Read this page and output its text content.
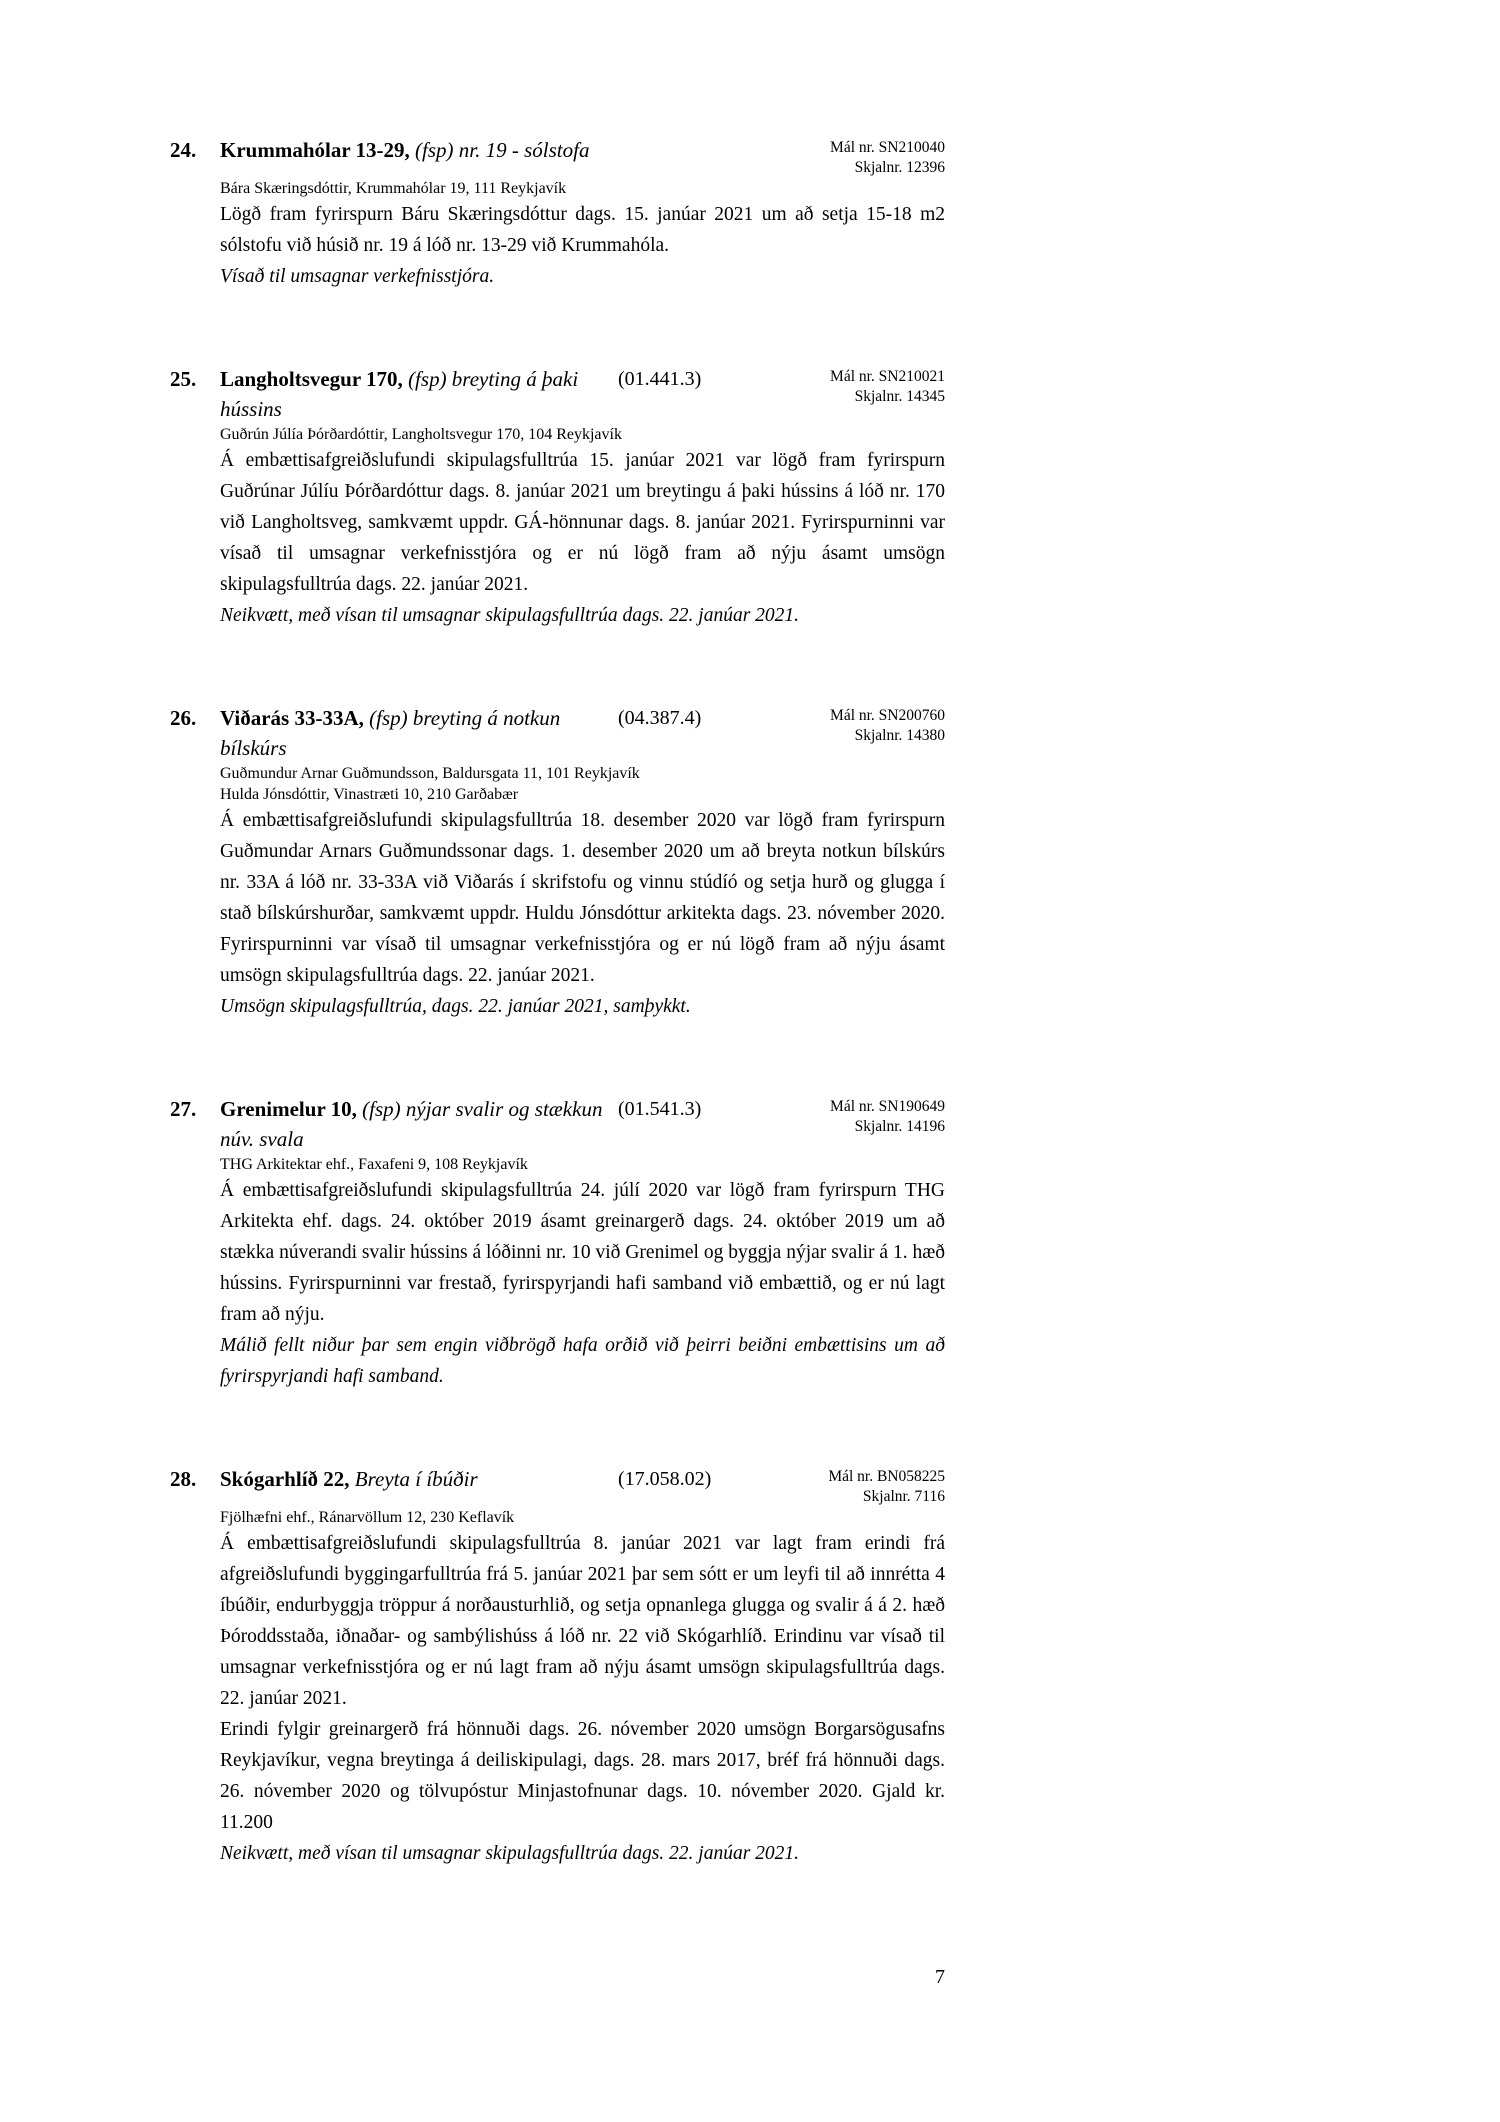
24.	Krummahólar 13-29, (fsp) nr. 19 - sólstofa	Mál nr. SN210040
Skjalnr. 12396
Bára Skæringsdóttir, Krummahólar 19, 111 Reykjavík

Lögð fram fyrirspurn Báru Skæringsdóttur dags. 15. janúar 2021 um að setja 15-18 m2 sólstofu við húsið nr. 19 á lóð nr. 13-29 við Krummahóla.

Vísað til umsagnar verkefnisstjóra.

25.	Langholtsvegur 170, (fsp) breyting á þaki hússins
(01.441.3)	Mál nr. SN210021
Skjalnr. 14345
Guðrún Júlía Þórðardóttir, Langholtsvegur 170, 104 Reykjavík

Á embættisafgreiðslufundi skipulagsfulltrúa 15. janúar 2021 var lögð fram fyrirspurn Guðrúnar Júlíu Þórðardóttur dags. 8. janúar 2021 um breytingu á þaki hússins á lóð nr. 170 við Langholtsveg, samkvæmt uppdr. GÁ-hönnunar dags. 8. janúar 2021. Fyrirspurninni var vísað til umsagnar verkefnisstjóra og er nú lögð fram að nýju ásamt umsögn skipulagsfulltrúa dags. 22. janúar 2021.

Neikvætt, með vísan til umsagnar skipulagsfulltrúa dags. 22. janúar 2021.

26.	Viðarás 33-33A, (fsp) breyting á notkun bílskúrs
(04.387.4)	Mál nr. SN200760
Skjalnr. 14380
Guðmundur Arnar Guðmundsson, Baldursgata 11, 101 Reykjavík
Hulda Jónsdóttir, Vinastræti 10, 210 Garðabær

Á embættisafgreiðslufundi skipulagsfulltrúa 18. desember 2020 var lögð fram fyrirspurn Guðmundar Arnars Guðmundssonar dags. 1. desember 2020 um að breyta notkun bílskúrs nr. 33A á lóð nr. 33-33A við Viðarás í skrifstofu og vinnu stúdíó og setja hurð og glugga í stað bílskúrshurðar, samkvæmt uppdr. Huldu Jónsdóttur arkitekta dags. 23. nóvember 2020. Fyrirspurninni var vísað til umsagnar verkefnisstjóra og er nú lögð fram að nýju ásamt umsögn skipulagsfulltrúa dags. 22. janúar 2021.

Umsögn skipulagsfulltrúa, dags. 22. janúar 2021, samþykkt.

27.	Grenimelur 10, (fsp) nýjar svalir og stækkun núv. svala
(01.541.3)	Mál nr. SN190649
Skjalnr. 14196
THG Arkitektar ehf., Faxafeni 9, 108 Reykjavík

Á embættisafgreiðslufundi skipulagsfulltrúa 24. júlí 2020 var lögð fram fyrirspurn THG Arkitekta ehf. dags. 24. október 2019 ásamt greinargerð dags. 24. október 2019 um að stækka núverandi svalir hússins á lóðinni nr. 10 við Grenimel og byggja nýjar svalir á 1. hæð hússins. Fyrirspurninni var frestað, fyrirspyrjandi hafi samband við embættið, og er nú lagt fram að nýju.

Málið fellt niður þar sem engin viðbrögð hafa orðið við þeirri beiðni embættisins um að fyrirspyrjandi hafi samband.

28.	Skógarhlíð 22, Breyta í íbúðir	(17.058.02)	Mál nr. BN058225
Skjalnr. 7116
Fjölhæfni ehf., Ránarvöllum 12, 230 Keflavík

Á embættisafgreiðslufundi skipulagsfulltrúa 8. janúar 2021 var lagt fram erindi frá afgreiðslufundi byggingarfulltrúa frá 5. janúar 2021 þar sem sótt er um leyfi til að innrétta 4 íbúðir, endurbyggja tröppur á norðausturhlið, og setja opnanlega glugga og svalir á á 2. hæð Þóroddsstaða, iðnaðar- og sambýlishúss á lóð nr. 22 við Skógarhlíð. Erindinu var vísað til umsagnar verkefnisstjóra og er nú lagt fram að nýju ásamt umsögn skipulagsfulltrúa dags. 22. janúar 2021.

Erindi fylgir greinargerð frá hönnuði dags. 26. nóvember 2020 umsögn Borgarsögusafns Reykjavíkur, vegna breytinga á deiliskipulagi, dags. 28. mars 2017, bréf frá hönnuði dags. 26. nóvember 2020 og tölvupóstur Minjastofnunar dags. 10. nóvember 2020. Gjald kr. 11.200

Neikvætt, með vísan til umsagnar skipulagsfulltrúa dags. 22. janúar 2021.

7
